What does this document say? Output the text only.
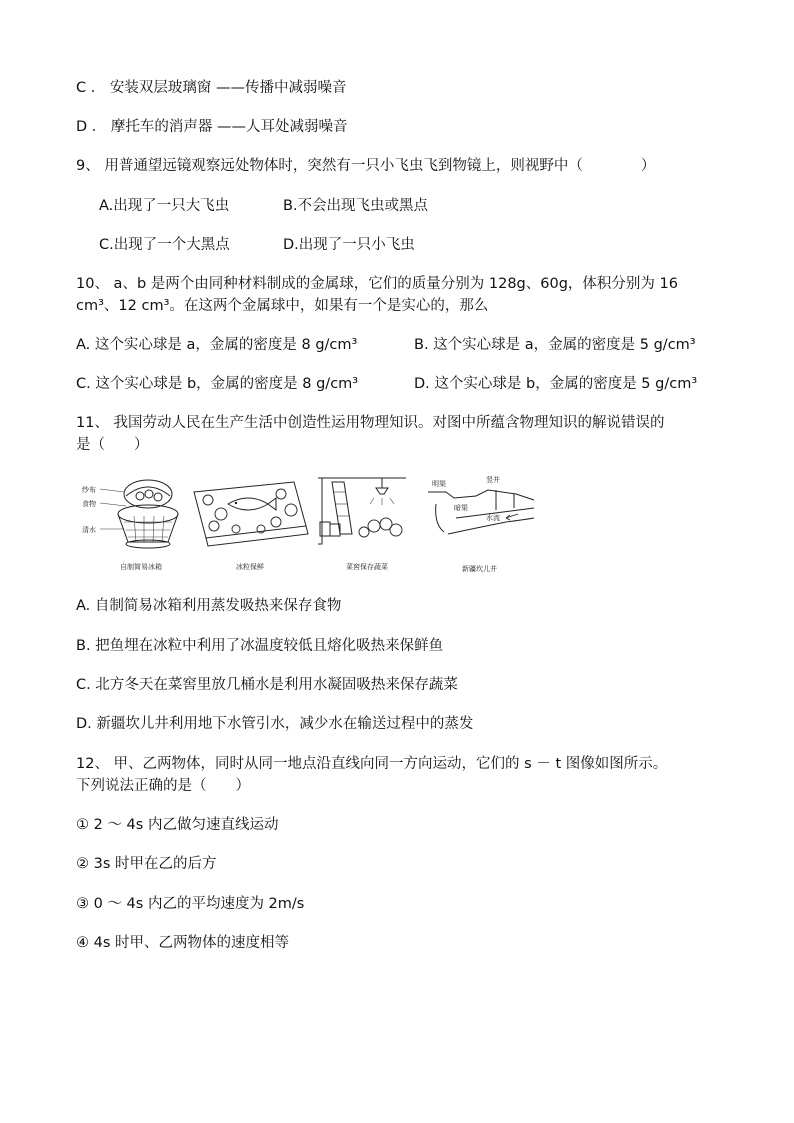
C ． 安装双层玻璃窗 ——传播中减弱噪音
D ． 摩托车的消声器 ——人耳处减弱噪音
9、 用普通望远镜观察远处物体时，突然有一只小飞虫飞到物镜上，则视野中（　　　　）
A.出现了一只大飞虫	B.不会出现飞虫或黑点
C.出现了一个大黑点	D.出现了一只小飞虫
10、 a、b 是两个由同种材料制成的金属球，它们的质量分别为 128g、60g，体积分别为 16
cm³、12 cm³。在这两个金属球中，如果有一个是实心的，那么
A. 这个实心球是 a，金属的密度是 8 g/cm³	B. 这个实心球是 a，金属的密度是 5 g/cm³
C. 这个实心球是 b，金属的密度是 8 g/cm³	D. 这个实心球是 b，金属的密度是 5 g/cm³
11、 我国劳动人民在生产生活中创造性运用物理知识。对图中所蕴含物理知识的解说错误的
是（　　）
纱布
食物
清水
自制简易冰箱	冰粒保鲜	菜窖保存蔬菜
明渠	竖井
暗渠
水流
新疆坎儿井
A. 自制简易冰箱利用蒸发吸热来保存食物
B. 把鱼埋在冰粒中利用了冰温度较低且熔化吸热来保鲜鱼
C. 北方冬天在菜窖里放几桶水是利用水凝固吸热来保存蔬菜
D. 新疆坎儿井利用地下水管引水，减少水在输送过程中的蒸发
12、 甲、乙两物体，同时从同一地点沿直线向同一方向运动，它们的 s － t 图像如图所示。
下列说法正确的是（　　）
① 2 ～ 4s 内乙做匀速直线运动
② 3s 时甲在乙的后方
③ 0 ～ 4s 内乙的平均速度为 2m/s
④ 4s 时甲、乙两物体的速度相等
